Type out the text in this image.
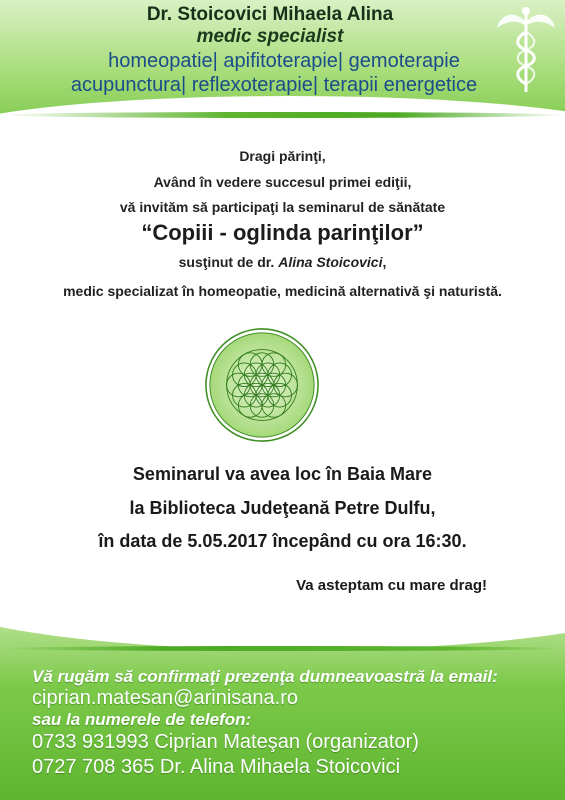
Dr. Stoicovici Mihaela Alina
medic specialist
homeopatie| apifitoterapie| gemoterapie
acupunctura| reflexoterapie| terapii energetice
Dragi părinţi,
Având în vedere succesul primei ediţii,
vă invităm să participaţi la seminarul de sănătate
“Copiii - oglinda parinţilor”
susţinut de dr. Alina Stoicovici,
medic specializat în homeopatie, medicină alternativă şi naturistă.
Seminarul va avea loc în Baia Mare
la Biblioteca Judeţeană Petre Dulfu,
în data de 5.05.2017 începând cu ora 16:30.
Va asteptam cu mare drag!
Vă rugăm să confirmaţi prezenţa dumneavoastră la email:
ciprian.matesan@arinisana.ro
sau la numerele de telefon:
0733 931993 Ciprian Mateşan (organizator)
0727 708 365 Dr. Alina Mihaela Stoicovici
